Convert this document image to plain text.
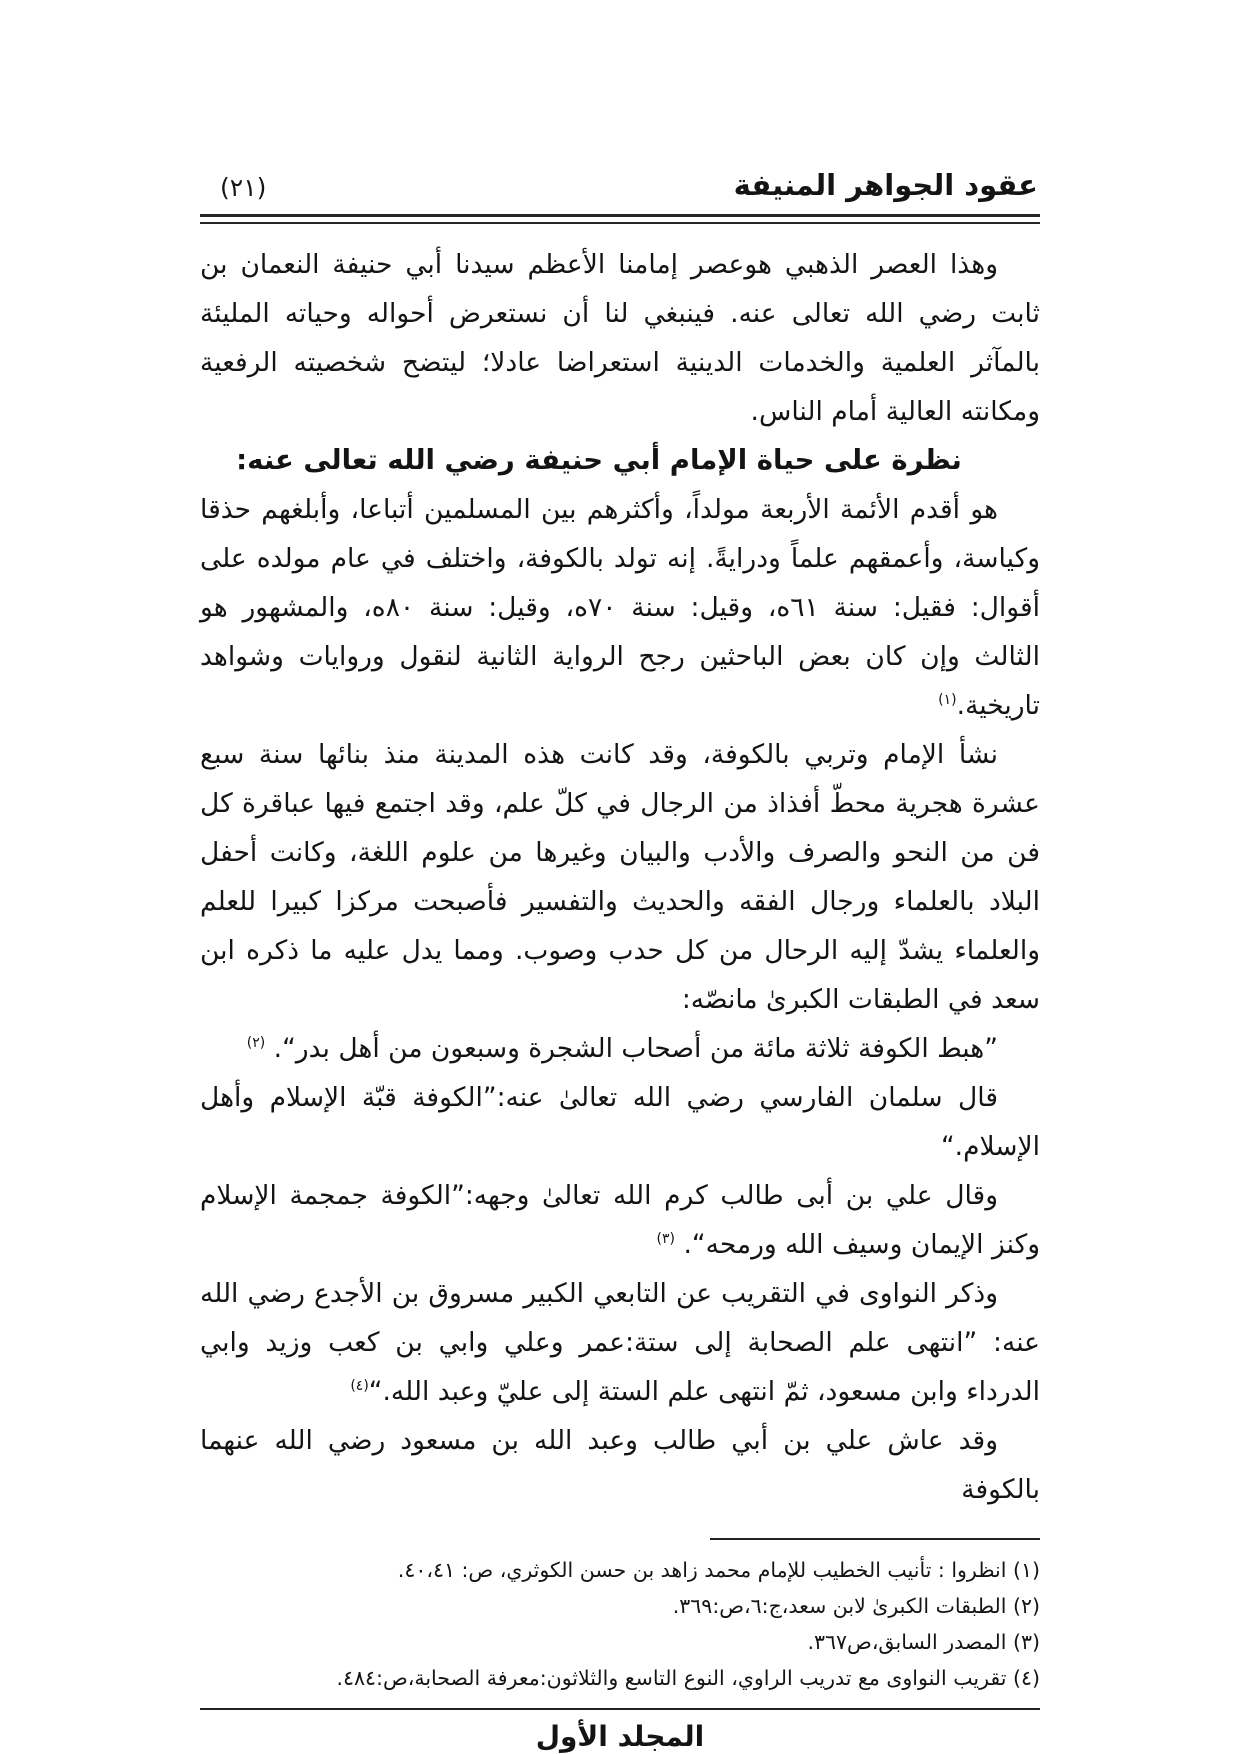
عقود الجواهر المنيفة
(٢١)

وهذا العصر الذهبي هوعصر إمامنا الأعظم سيدنا أبي حنيفة النعمان بن ثابت رضي الله تعالى عنه. فينبغي لنا أن نستعرض أحواله وحياته المليئة بالمآثر العلمية والخدمات الدينية استعراضا عادلا؛ ليتضح شخصيته الرفعية ومكانته العالية أمام الناس.

نظرة على حياة الإمام أبي حنيفة رضي الله تعالى عنه:

هو أقدم الأئمة الأربعة مولداً، وأكثرهم بين المسلمين أتباعا، وأبلغهم حذقا وكياسة، وأعمقهم علماً ودرايةً. إنه تولد بالكوفة، واختلف في عام مولده على أقوال: فقيل: سنة ٦١ه، وقيل: سنة ٧٠ه، وقيل: سنة ٨٠ه، والمشهور هو الثالث وإن كان بعض الباحثين رجح الرواية الثانية لنقول وروايات وشواهد تاريخية.$^{(١)}$

نشأ الإمام وتربي بالكوفة، وقد كانت هذه المدينة منذ بنائها سنة سبع عشرة هجرية محطّ أفذاذ من الرجال في كلّ علم، وقد اجتمع فيها عباقرة كل فن من النحو والصرف والأدب والبيان وغيرها من علوم اللغة، وكانت أحفل البلاد بالعلماء ورجال الفقه والحديث والتفسير فأصبحت مركزا كبيرا للعلم والعلماء يشدّ إليه الرحال من كل حدب وصوب. ومما يدل عليه ما ذكره ابن سعد في الطبقات الكبرىٰ مانصّه:

”هبط الكوفة ثلاثة مائة من أصحاب الشجرة وسبعون من أهل بدر“. $^{(٢)}$

قال سلمان الفارسي رضي الله تعالىٰ عنه:”الكوفة قبّة الإسلام وأهل الإسلام.“

وقال علي بن أبى طالب كرم الله تعالىٰ وجهه:”الكوفة جمجمة الإسلام وكنز الإيمان وسيف الله ورمحه“. $^{(٣)}$

وذكر النواوى في التقريب عن التابعي الكبير مسروق بن الأجدع رضي الله عنه: ”انتهى علم الصحابة إلى ستة:عمر وعلي وابي بن كعب وزيد وابي الدرداء وابن مسعود، ثمّ انتهى علم الستة إلى عليّ وعبد الله.“$^{(٤)}$

وقد عاش علي بن أبي طالب وعبد الله بن مسعود رضي الله عنهما بالكوفة

(١) انظروا : تأنيب الخطيب للإمام محمد زاهد بن حسن الكوثري، ص: ٤٠،٤١.

(٢) الطبقات الكبرىٰ لابن سعد،ج:٦،ص:٣٦٩.

(٣) المصدر السابق،ص٣٦٧.

(٤) تقريب النواوى مع تدريب الراوي، النوع التاسع والثلاثون:معرفة الصحابة،ص:٤٨٤.

المجلد الأول
